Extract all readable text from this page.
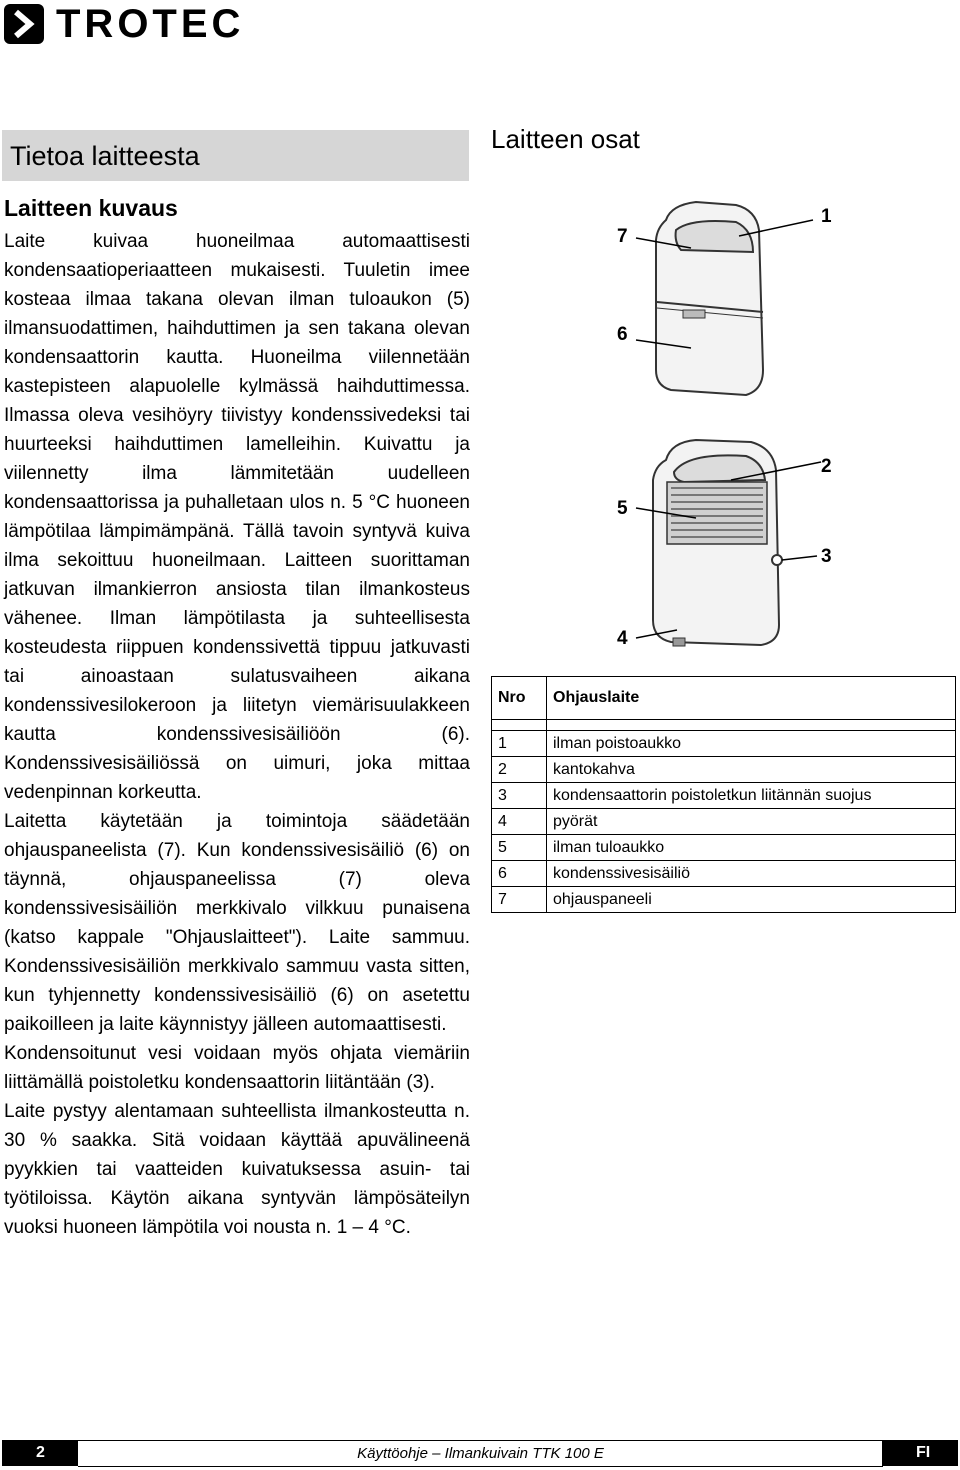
TROTEC
Tietoa laitteesta
Laitteen kuvaus

Laite kuivaa huoneilmaa automaattisesti kondensaatioperiaatteen mukaisesti. Tuuletin imee kosteaa ilmaa takana olevan ilman tuloaukon (5) ilmansuodattimen, haihduttimen ja sen takana olevan kondensaattorin kautta. Huoneilma viilennetään kastepisteen alapuolelle kylmässä haihduttimessa. Ilmassa oleva vesihöyry tiivistyy kondenssivedeksi tai huurteeksi haihduttimen lamelleihin. Kuivattu ja viilennetty ilma lämmitetään uudelleen kondensaattorissa ja puhalletaan ulos n. 5 °C huoneen lämpötilaa lämpimämpänä. Tällä tavoin syntyvä kuiva ilma sekoittuu huoneilmaan. Laitteen suorittaman jatkuvan ilmankierron ansiosta tilan ilmankosteus vähenee. Ilman lämpötilasta ja suhteellisesta kosteudesta riippuen kondenssivettä tippuu jatkuvasti tai ainoastaan sulatusvaiheen aikana kondenssivesilokeroon ja liitetyn viemärisuulakkeen kautta kondenssivesisäiliöön (6). Kondenssivesisäiliössä on uimuri, joka mittaa vedenpinnan korkeutta.

Laitetta käytetään ja toimintoja säädetään ohjauspaneelista (7). Kun kondenssivesisäiliö (6) on täynnä, ohjauspaneelissa (7) oleva kondenssivesisäiliön merkkivalo vilkkuu punaisena (katso kappale "Ohjauslaitteet"). Laite sammuu. Kondenssivesisäiliön merkkivalo sammuu vasta sitten, kun tyhjennetty kondenssivesisäiliö (6) on asetettu paikoilleen ja laite käynnistyy jälleen automaattisesti.

Kondensoitunut vesi voidaan myös ohjata viemäriin liittämällä poistoletku kondensaattorin liitäntään (3).

Laite pystyy alentamaan suhteellista ilmankosteutta n. 30 % saakka. Sitä voidaan käyttää apuvälineenä pyykkien tai vaatteiden kuivatuksessa asuin- tai työtiloissa. Käytön aikana syntyvän lämpösäteilyn vuoksi huoneen lämpötila voi nousta n. 1 – 4 °C.

Laitteen osat
1
2
3
4
5
6
7
Nro	Ohjauslaite

1	ilman poistoaukko
2	kantokahva
3	kondensaattorin poistoletkun liitännän suojus
4	pyörät
5	ilman tuloaukko
6	kondenssivesisäiliö
7	ohjauspaneeli
2	Käyttöohje – Ilmankuivain TTK 100 E	FI
